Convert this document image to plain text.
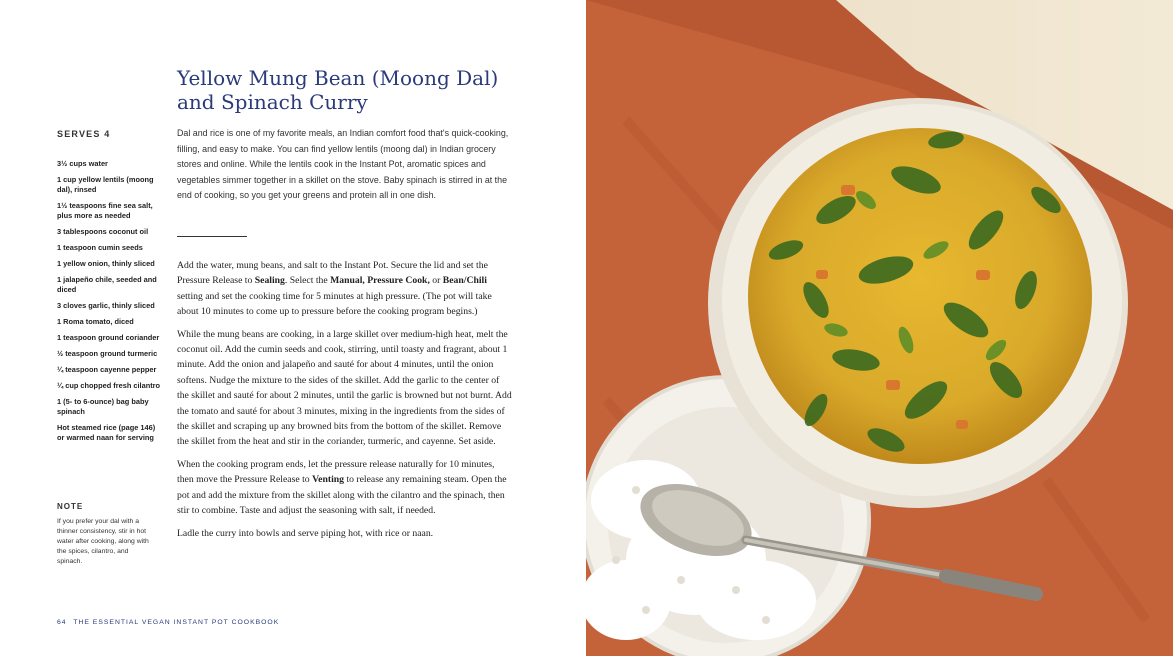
Yellow Mung Bean (Moong Dal)
and Spinach Curry
SERVES 4
3½ cups water
1 cup yellow lentils (moong dal), rinsed
1½ teaspoons fine sea salt, plus more as needed
3 tablespoons coconut oil
1 teaspoon cumin seeds
1 yellow onion, thinly sliced
1 jalapeño chile, seeded and diced
3 cloves garlic, thinly sliced
1 Roma tomato, diced
1 teaspoon ground coriander
½ teaspoon ground turmeric
¼ teaspoon cayenne pepper
¼ cup chopped fresh cilantro
1 (5- to 6-ounce) bag baby spinach
Hot steamed rice (page 146) or warmed naan for serving
NOTE

If you prefer your dal with a thinner consistency, stir in hot water after cooking, along with the spices, cilantro, and spinach.

Dal and rice is one of my favorite meals, an Indian comfort food that's quick-cooking, filling, and easy to make. You can find yellow lentils (moong dal) in Indian grocery stores and online. While the lentils cook in the Instant Pot, aromatic spices and vegetables simmer together in a skillet on the stove. Baby spinach is stirred in at the end of cooking, so you get your greens and protein all in one dish.

Add the water, mung beans, and salt to the Instant Pot. Secure the lid and set the Pressure Release to Sealing. Select the Manual, Pressure Cook, or Bean/Chili setting and set the cooking time for 5 minutes at high pressure. (The pot will take about 10 minutes to come up to pressure before the cooking program begins.)

While the mung beans are cooking, in a large skillet over medium-high heat, melt the coconut oil. Add the cumin seeds and cook, stirring, until toasty and fragrant, about 1 minute. Add the onion and jalapeño and sauté for about 4 minutes, until the onion softens. Nudge the mixture to the sides of the skillet. Add the garlic to the center of the skillet and sauté for about 2 minutes, until the garlic is browned but not burnt. Add the tomato and sauté for about 3 minutes, mixing in the ingredients from the sides of the skillet and scraping up any browned bits from the bottom of the skillet. Remove the skillet from the heat and stir in the coriander, turmeric, and cayenne. Set aside.

When the cooking program ends, let the pressure release naturally for 10 minutes, then move the Pressure Release to Venting to release any remaining steam. Open the pot and add the mixture from the skillet along with the cilantro and the spinach, then stir to combine. Taste and adjust the seasoning with salt, if needed.

Ladle the curry into bowls and serve piping hot, with rice or naan.

64 THE ESSENTIAL VEGAN INSTANT POT COOKBOOK
